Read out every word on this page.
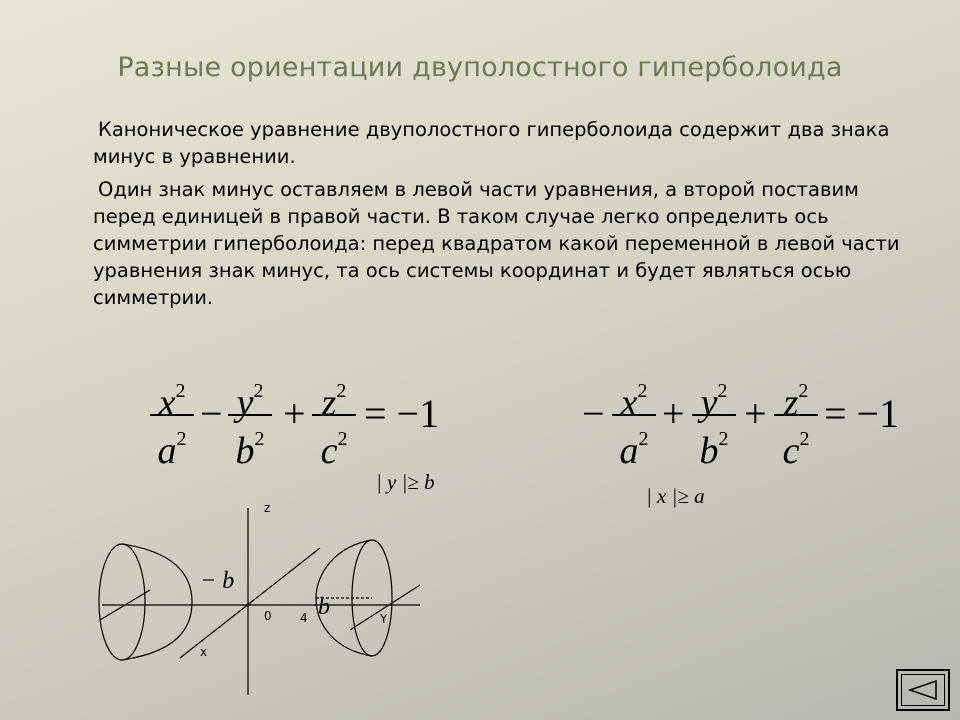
Разные ориентации двуполостного гиперболоида

Каноническое уравнение двуполостного гиперболоида содержит два знака минус в уравнении.

Один знак минус оставляем в левой части уравнения, а второй поставим перед единицей в правой части. В таком случае легко определить ось симметрии гиперболоида: перед квадратом какой переменной в левой части уравнения знак минус, та ось системы координат и будет являться осью симметрии.

$x^2$
$a^2$
− $y^2$
$b^2$
+ $z^2$
$c^2$
= −1
| y |≥ b
− $x^2$
$a^2$
+ $y^2$
$b^2$
+ $z^2$
$c^2$
= −1
| x |≥ a
z
x
Y
0 4
− b
b
